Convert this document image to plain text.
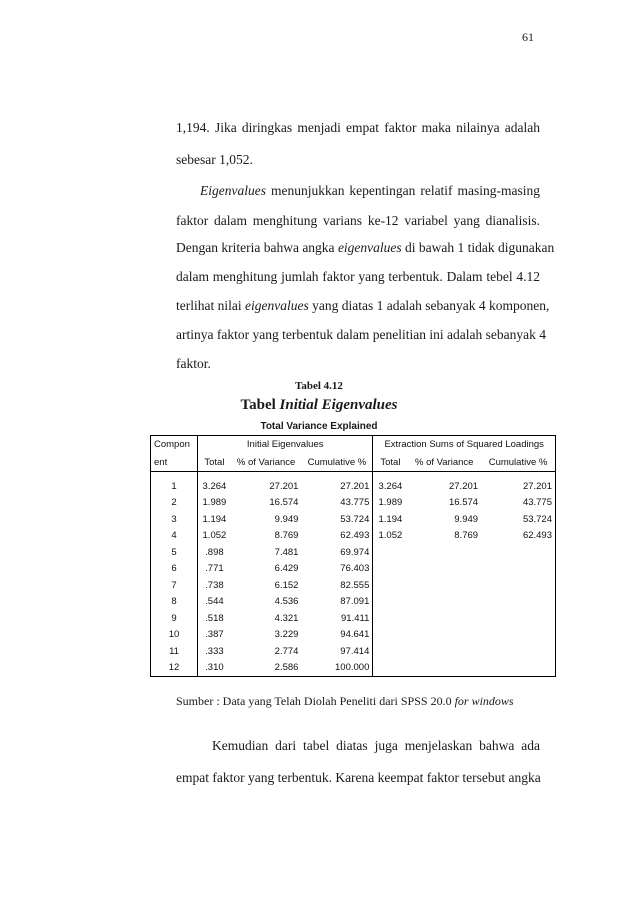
61
1,194. Jika diringkas menjadi empat faktor maka nilainya adalah
sebesar 1,052.
Eigenvalues menunjukkan kepentingan relatif masing-masing
faktor dalam menghitung varians ke-12 variabel yang dianalisis.
Dengan kriteria bahwa angka eigenvalues di bawah 1 tidak digunakan
dalam menghitung jumlah faktor yang terbentuk. Dalam tebel 4.12
terlihat nilai eigenvalues yang diatas 1 adalah sebanyak 4 komponen,
artinya faktor yang terbentuk dalam penelitian ini adalah sebanyak 4
faktor.
Tabel 4.12
Tabel Initial Eigenvalues
Total Variance Explained
Compon	Initial Eigenvalues			Extraction Sums of Squared Loadings		
ent	Total	% of Variance	Cumulative %	Total	% of Variance	Cumulative %
1	3.264	27.201	27.201	3.264	27.201	27.201
2	1.989	16.574	43.775	1.989	16.574	43.775
3	1.194	9.949	53.724	1.194	9.949	53.724
4	1.052	8.769	62.493	1.052	8.769	62.493
5	.898	7.481	69.974			
6	.771	6.429	76.403			
7	.738	6.152	82.555			
8	.544	4.536	87.091			
9	.518	4.321	91.411			
10	.387	3.229	94.641			
11	.333	2.774	97.414			
12	.310	2.586	100.000			
Sumber : Data yang Telah Diolah Peneliti dari SPSS 20.0 for windows
Kemudian dari tabel diatas juga menjelaskan bahwa ada
empat faktor yang terbentuk. Karena keempat faktor tersebut angka
